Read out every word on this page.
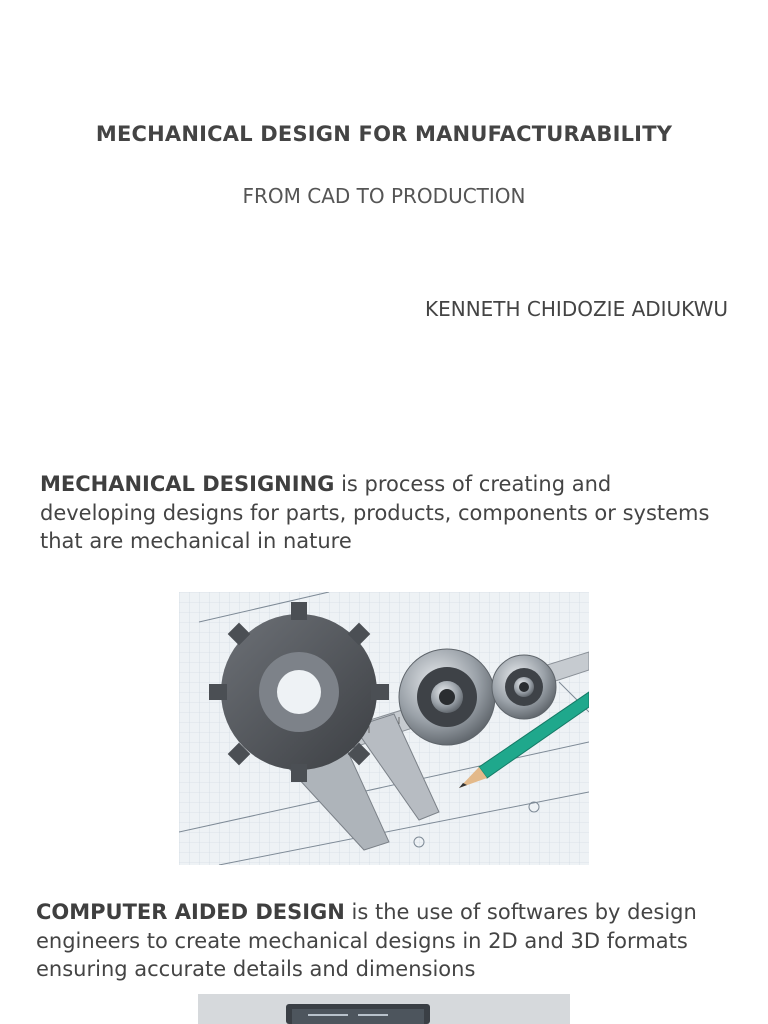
MECHANICAL DESIGN FOR MANUFACTURABILITY
FROM CAD TO PRODUCTION
KENNETH CHIDOZIE ADIUKWU

MECHANICAL DESIGNING is process of creating and developing designs for parts, products, components or systems that are mechanical in nature

COMPUTER AIDED DESIGN is the use of softwares by design engineers to create mechanical designs in 2D and 3D formats ensuring accurate details and dimensions
